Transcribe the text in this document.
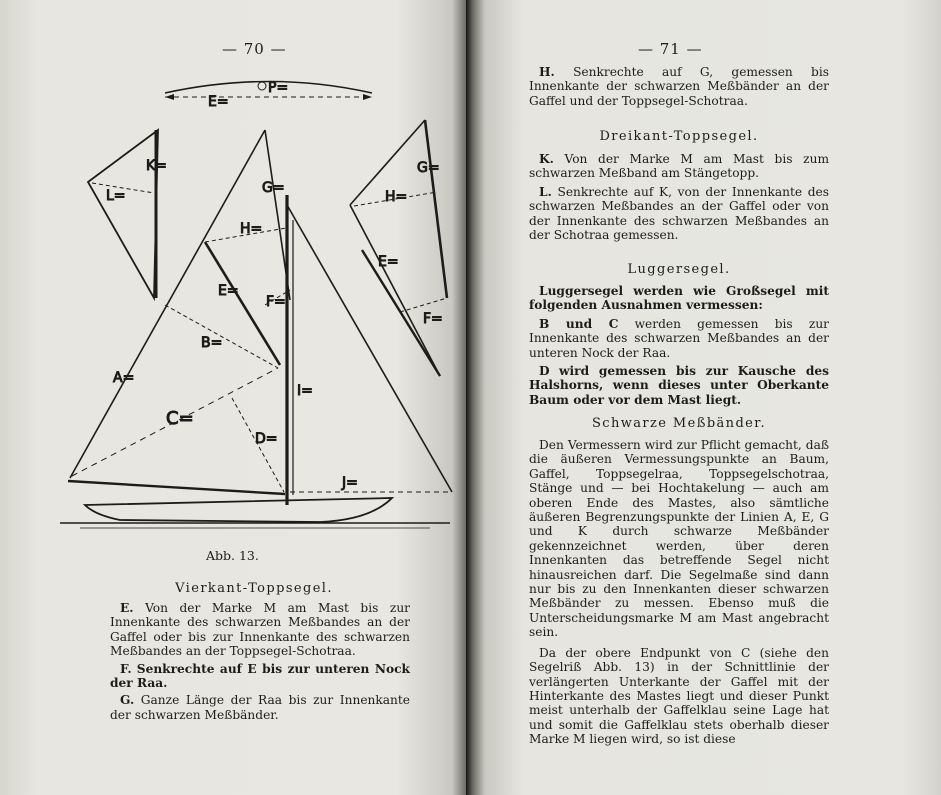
— 70 —
E=
P=
K=
L=
A=
B=
C=
D=
E=
F=
G=
H=
I=
J=
G=
H=
E=
F=
Abb. 13.
Vierkant-Toppsegel.

E. Von der Marke M am Mast bis zur Innenkante des schwarzen Meßbandes an der Gaffel oder bis zur Innenkante des schwarzen Meßbandes an der Toppsegel-Schotraa.

F. Senkrechte auf E bis zur unteren Nock der Raa.

G. Ganze Länge der Raa bis zur Innenkante der schwarzen Meßbänder.

— 71 —

H. Senkrechte auf G, gemessen bis Innenkante der schwarzen Meßbänder an der Gaffel und der Toppsegel-Schotraa.

Dreikant-Toppsegel.

K. Von der Marke M am Mast bis zum schwarzen Meßband am Stängetopp.

L. Senkrechte auf K, von der Innenkante des schwarzen Meßbandes an der Gaffel oder von der Innenkante des schwarzen Meßbandes an der Schotraa gemessen.

Luggersegel.

Luggersegel werden wie Großsegel mit folgenden Ausnahmen vermessen:

B und C werden gemessen bis zur Innenkante des schwarzen Meßbandes an der unteren Nock der Raa.

D wird gemessen bis zur Kausche des Halshorns, wenn dieses unter Oberkante Baum oder vor dem Mast liegt.

Schwarze Meßbänder.

Den Vermessern wird zur Pflicht gemacht, daß die äußeren Vermessungspunkte an Baum, Gaffel, Toppsegelraa, Toppsegelschotraa, Stänge und — bei Hochtakelung — auch am oberen Ende des Mastes, also sämtliche äußeren Begrenzungspunkte der Linien A, E, G und K durch schwarze Meßbänder gekennzeichnet werden, über deren Innenkanten das betreffende Segel nicht hinausreichen darf. Die Segelmaße sind dann nur bis zu den Innenkanten dieser schwarzen Meßbänder zu messen. Ebenso muß die Unterscheidungsmarke M am Mast angebracht sein.

Da der obere Endpunkt von C (siehe den Segelriß Abb. 13) in der Schnittlinie der verlängerten Unterkante der Gaffel mit der Hinterkante des Mastes liegt und dieser Punkt meist unterhalb der Gaffelklau seine Lage hat und somit die Gaffelklau stets oberhalb dieser Marke M liegen wird, so ist diese
